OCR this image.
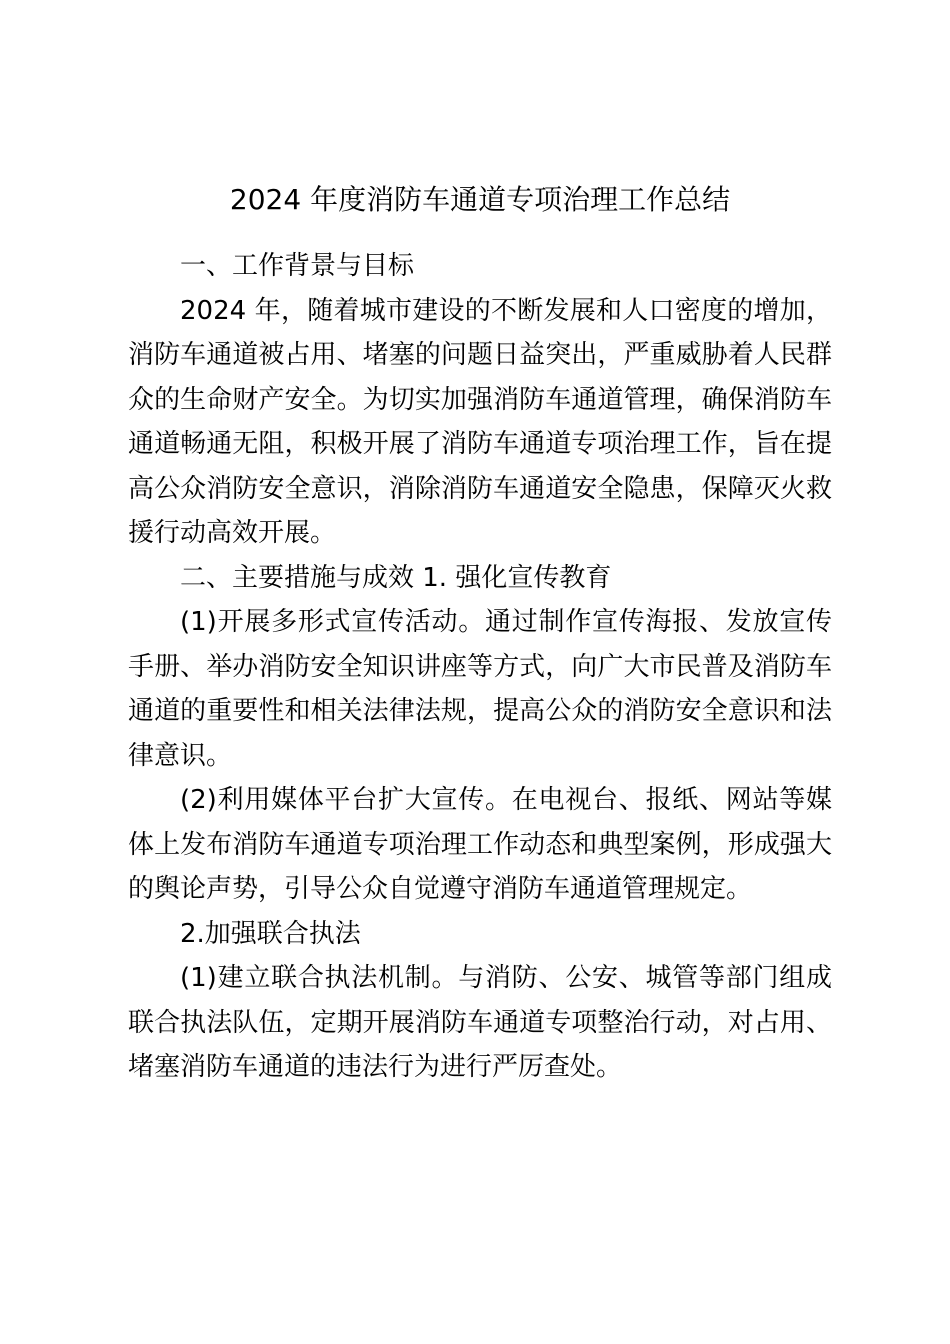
2024 年度消防车通道专项治理工作总结

一、工作背景与目标

2024 年，随着城市建设的不断发展和人口密度的增加，消防车通道被占用、堵塞的问题日益突出，严重威胁着人民群众的生命财产安全。为切实加强消防车通道管理，确保消防车通道畅通无阻，积极开展了消防车通道专项治理工作，旨在提高公众消防安全意识，消除消防车通道安全隐患，保障灭火救援行动高效开展。

二、主要措施与成效 1. 强化宣传教育

(1)开展多形式宣传活动。通过制作宣传海报、发放宣传手册、举办消防安全知识讲座等方式，向广大市民普及消防车通道的重要性和相关法律法规，提高公众的消防安全意识和法律意识。

(2)利用媒体平台扩大宣传。在电视台、报纸、网站等媒体上发布消防车通道专项治理工作动态和典型案例，形成强大的舆论声势，引导公众自觉遵守消防车通道管理规定。

2.加强联合执法

(1)建立联合执法机制。与消防、公安、城管等部门组成联合执法队伍，定期开展消防车通道专项整治行动，对占用、堵塞消防车通道的违法行为进行严厉查处。
